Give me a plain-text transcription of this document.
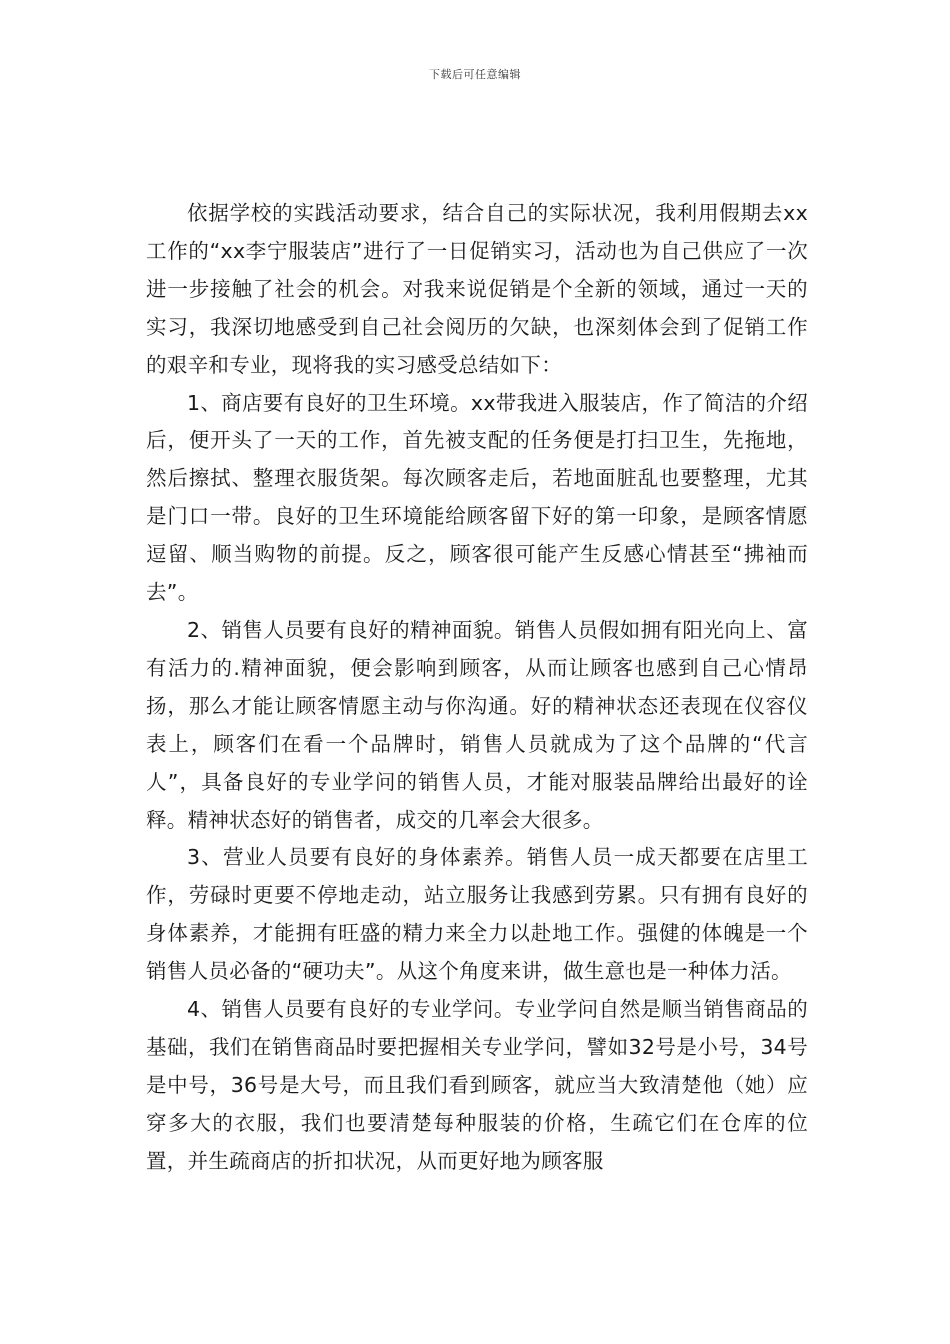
下载后可任意编辑

依据学校的实践活动要求，结合自己的实际状况，我利用假期去xx工作的“xx李宁服装店”进行了一日促销实习，活动也为自己供应了一次进一步接触了社会的机会。对我来说促销是个全新的领域，通过一天的实习，我深切地感受到自己社会阅历的欠缺，也深刻体会到了促销工作的艰辛和专业，现将我的实习感受总结如下：

1、商店要有良好的卫生环境。xx带我进入服装店，作了简洁的介绍后，便开头了一天的工作，首先被支配的任务便是打扫卫生，先拖地，然后擦拭、整理衣服货架。每次顾客走后，若地面脏乱也要整理，尤其是门口一带。良好的卫生环境能给顾客留下好的第一印象，是顾客情愿逗留、顺当购物的前提。反之，顾客很可能产生反感心情甚至“拂袖而去”。

2、销售人员要有良好的精神面貌。销售人员假如拥有阳光向上、富有活力的.精神面貌，便会影响到顾客，从而让顾客也感到自己心情昂扬，那么才能让顾客情愿主动与你沟通。好的精神状态还表现在仪容仪表上，顾客们在看一个品牌时，销售人员就成为了这个品牌的“代言人”，具备良好的专业学问的销售人员，才能对服装品牌给出最好的诠释。精神状态好的销售者，成交的几率会大很多。

3、营业人员要有良好的身体素养。销售人员一成天都要在店里工作，劳碌时更要不停地走动，站立服务让我感到劳累。只有拥有良好的身体素养，才能拥有旺盛的精力来全力以赴地工作。强健的体魄是一个销售人员必备的“硬功夫”。从这个角度来讲，做生意也是一种体力活。

4、销售人员要有良好的专业学问。专业学问自然是顺当销售商品的基础，我们在销售商品时要把握相关专业学问，譬如32号是小号，34号是中号，36号是大号，而且我们看到顾客，就应当大致清楚他（她）应穿多大的衣服，我们也要清楚每种服装的价格，生疏它们在仓库的位置，并生疏商店的折扣状况，从而更好地为顾客服
